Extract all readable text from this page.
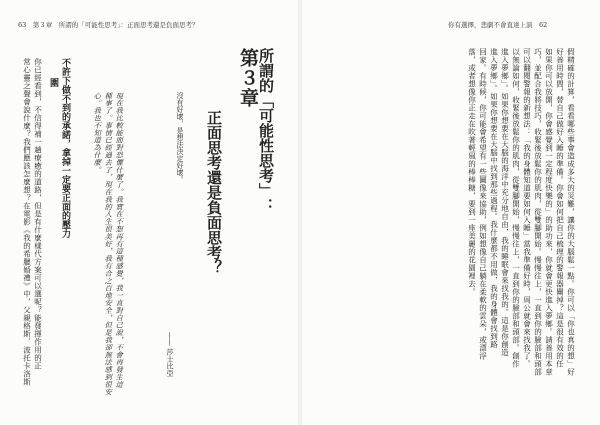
63　第３章　所謂的「可能性思考」：正面思考還是負面思考？	你有選擇，悲劇不會直達上演　62
第３章
所謂的「可能性思考」：
正面思考還是負面思考？
沒有好壞，是想法決定好壞。
—— 莎士比亞
現在我比較能面對恐懼什麼了。我實在不想再有這種感覺，我一直對自己說，不會再發生這
種事了。事情已經過去了，現在我的人生很美好，我有合之百地安全，但是我卻無法感到很安
心。我也不知道為什麼。
不許下做不到的承諾，拿掉一定要正面的壓力
圍
你已經看到，不信得補一趟療癒的道路，但是有什麼樣代方案可以選呢？能發揮作用的正
常心靈之聲會說什麼？我們應該怎麼想？在電影《我的希臘婚禮》中，父親格斯．波托卡洛斯	假精確的計算，看看哪些事會造成多大的災難，讓你的大腦鬆一點。你可以「你也真的想」好
好善用時間，替自己做好入睡的準備。你會如何把自己梳理的警報器關掉？這是很有效的任
如果你可以放開，你會感覺到一定程度快樂的」的助功來，你就會更快進入夢鄉。請善用本章
巧，並配合我將技巧，收緊後放鬆你的肌肉，從雙腳開始。慢慢往上，一直到你的臉部和頭部
可以翻閱警報的新想法：「我的身體知道要如何入睡」當我準備好時，周公就會來找我了。
以無論如何，收緊後放鬆你的肌肉，從雙腳開始，慢慢往上，一直到你的臉部和頭部。創作
進入夢鄉」。如果你想要在大腦的海洋中充分地自由，我的睡眠會來找我的。這是你創造
進入夢鄉」。如果你想要在大腦中找到那些過程。我什麼都不用做，我的身體會找到路
回家。有時候，你可能會希望有一些圖像來協助，例如想像自己躺在柔軟的雲朵，或漂浮
落，或者想像你正走在吹著輕風的棒棒糖，要到一座美麗的花園裡去。
